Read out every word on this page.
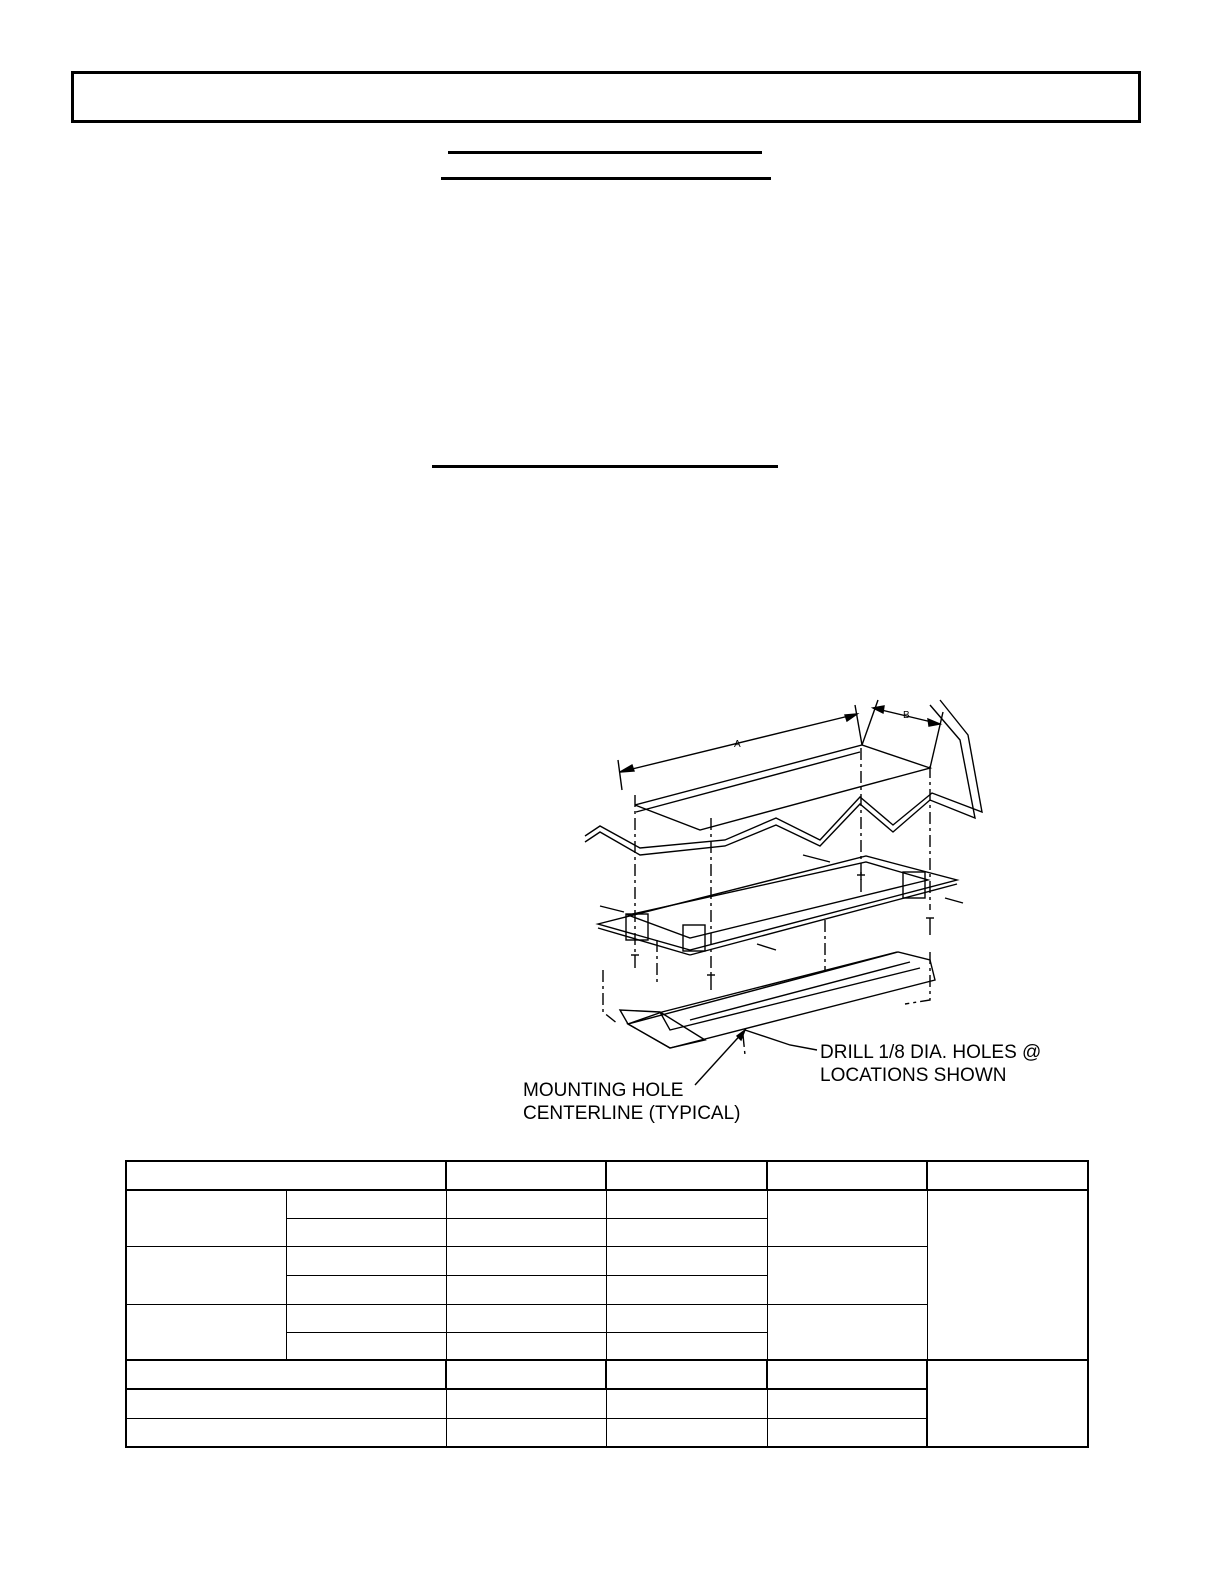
A
B
DRILL 1/8 DIA. HOLES @
LOCATIONS SHOWN
MOUNTING HOLE
CENTERLINE (TYPICAL)
